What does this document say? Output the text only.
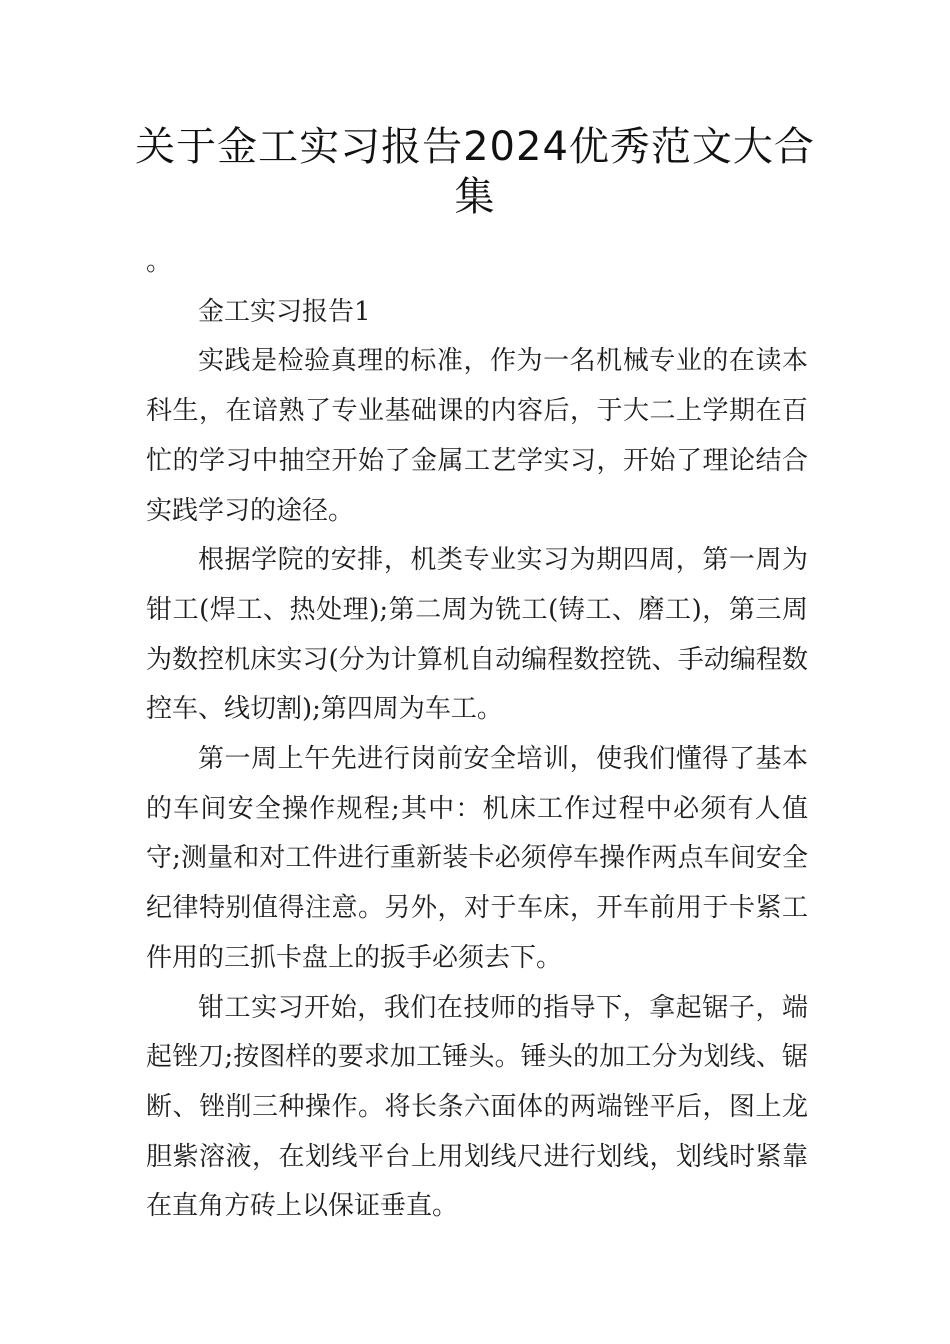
关于金工实习报告2024优秀范文大合集

。

金工实习报告1

实践是检验真理的标准，作为一名机械专业的在读本科生，在谙熟了专业基础课的内容后，于大二上学期在百忙的学习中抽空开始了金属工艺学实习，开始了理论结合实践学习的途径。

根据学院的安排，机类专业实习为期四周，第一周为钳工(焊工、热处理);第二周为铣工(铸工、磨工)，第三周为数控机床实习(分为计算机自动编程数控铣、手动编程数控车、线切割);第四周为车工。

第一周上午先进行岗前安全培训，使我们懂得了基本的车间安全操作规程;其中：机床工作过程中必须有人值守;测量和对工件进行重新装卡必须停车操作两点车间安全纪律特别值得注意。另外，对于车床，开车前用于卡紧工件用的三抓卡盘上的扳手必须去下。

钳工实习开始，我们在技师的指导下，拿起锯子，端起锉刀;按图样的要求加工锤头。锤头的加工分为划线、锯断、锉削三种操作。将长条六面体的两端锉平后，图上龙胆紫溶液，在划线平台上用划线尺进行划线，划线时紧靠在直角方砖上以保证垂直。
